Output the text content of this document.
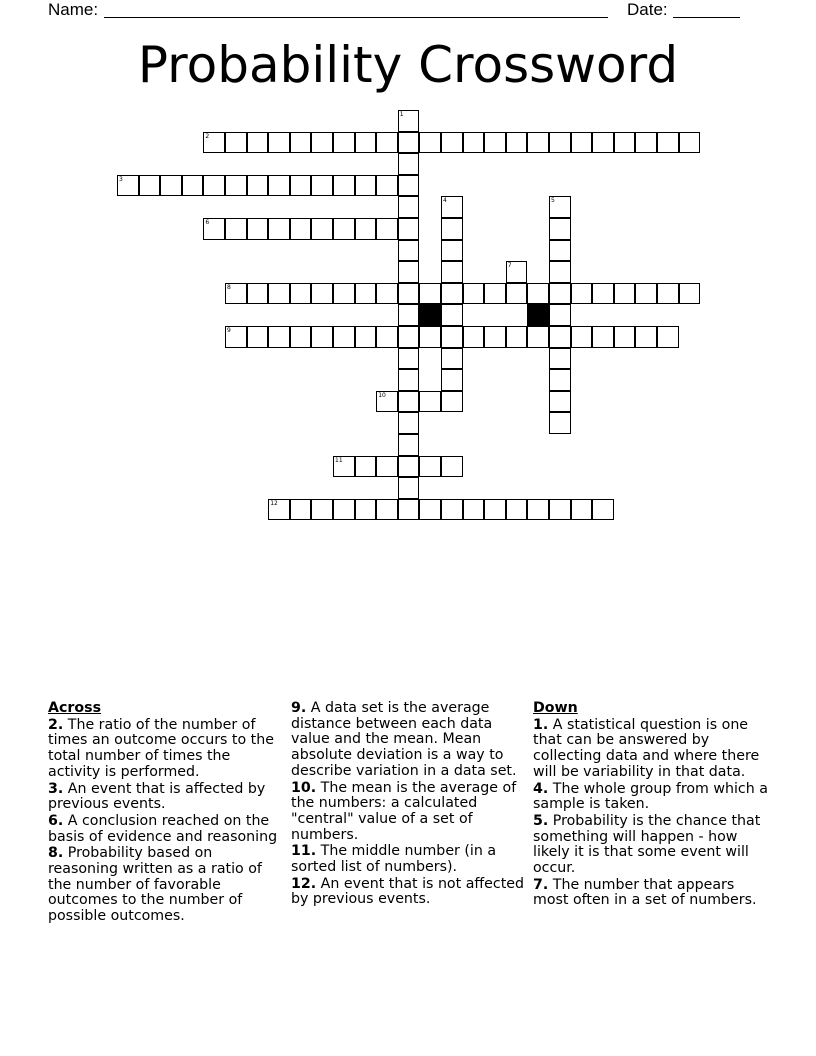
Name:	Date:
Probability Crossword
1
2
3
4	5
6
7
8
9
10
11
12
Across
2. The ratio of the number of times an outcome occurs to the total number of times the activity is performed.
3. An event that is affected by previous events.
6. A conclusion reached on the basis of evidence and reasoning
8. Probability based on reasoning written as a ratio of the number of favorable outcomes to the number of possible outcomes.
9. A data set is the average distance between each data value and the mean. Mean absolute deviation is a way to describe variation in a data set.
10. The mean is the average of the numbers: a calculated "central" value of a set of numbers.
11. The middle number (in a sorted list of numbers).
12. An event that is not affected by previous events.
Down
1. A statistical question is one that can be answered by collecting data and where there will be variability in that data.
4. The whole group from which a sample is taken.
5. Probability is the chance that something will happen - how likely it is that some event will occur.
7. The number that appears most often in a set of numbers.
